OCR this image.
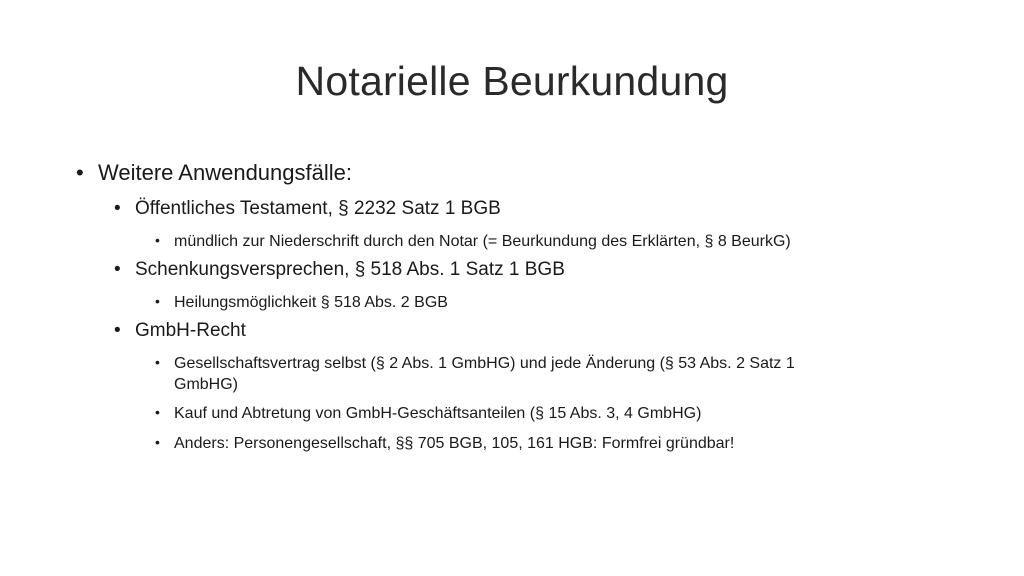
Notarielle Beurkundung
• Weitere Anwendungsfälle:
• Öffentliches Testament, § 2232 Satz 1 BGB
• mündlich zur Niederschrift durch den Notar (= Beurkundung des Erklärten, § 8 BeurkG)
• Schenkungsversprechen, § 518 Abs. 1 Satz 1 BGB
• Heilungsmöglichkeit § 518 Abs. 2 BGB
• GmbH-Recht
• Gesellschaftsvertrag selbst (§ 2 Abs. 1 GmbHG) und jede Änderung (§ 53 Abs. 2 Satz 1
GmbHG)
• Kauf und Abtretung von GmbH-Geschäftsanteilen (§ 15 Abs. 3, 4 GmbHG)
• Anders: Personengesellschaft, §§ 705 BGB, 105, 161 HGB: Formfrei gründbar!
